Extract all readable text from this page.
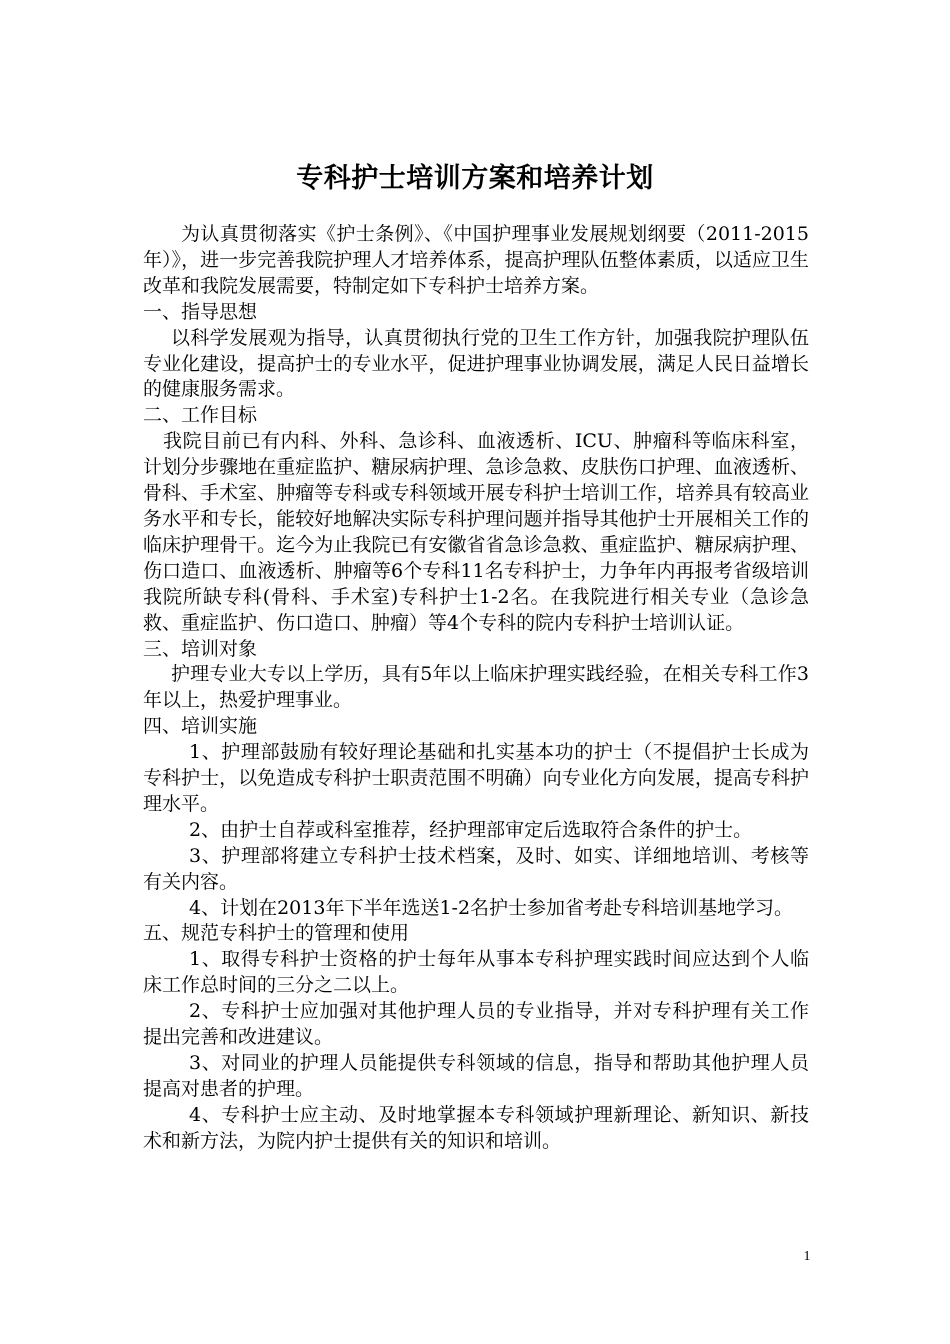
专科护士培训方案和培养计划

为认真贯彻落实《护士条例》、《中国护理事业发展规划纲要（2011-2015年）》，进一步完善我院护理人才培养体系，提高护理队伍整体素质，以适应卫生改革和我院发展需要，特制定如下专科护士培养方案。

一、指导思想

以科学发展观为指导，认真贯彻执行党的卫生工作方针，加强我院护理队伍专业化建设，提高护士的专业水平，促进护理事业协调发展，满足人民日益增长的健康服务需求。

二、工作目标

我院目前已有内科、外科、急诊科、血液透析、ICU、肿瘤科等临床科室，计划分步骤地在重症监护、糖尿病护理、急诊急救、皮肤伤口护理、血液透析、骨科、手术室、肿瘤等专科或专科领域开展专科护士培训工作，培养具有较高业务水平和专长，能较好地解决实际专科护理问题并指导其他护士开展相关工作的临床护理骨干。迄今为止我院已有安徽省省急诊急救、重症监护、糖尿病护理、伤口造口、血液透析、肿瘤等6个专科11名专科护士，力争年内再报考省级培训我院所缺专科(骨科、手术室)专科护士1-2名。在我院进行相关专业（急诊急救、重症监护、伤口造口、肿瘤）等4个专科的院内专科护士培训认证。

三、培训对象

护理专业大专以上学历，具有5年以上临床护理实践经验，在相关专科工作3年以上，热爱护理事业。

四、培训实施

1、护理部鼓励有较好理论基础和扎实基本功的护士（不提倡护士长成为专科护士，以免造成专科护士职责范围不明确）向专业化方向发展，提高专科护理水平。

2、由护士自荐或科室推荐，经护理部审定后选取符合条件的护士。

3、护理部将建立专科护士技术档案，及时、如实、详细地培训、考核等有关内容。

4、计划在2013年下半年选送1-2名护士参加省考赴专科培训基地学习。

五、规范专科护士的管理和使用

1、取得专科护士资格的护士每年从事本专科护理实践时间应达到个人临床工作总时间的三分之二以上。

2、专科护士应加强对其他护理人员的专业指导，并对专科护理有关工作提出完善和改进建议。

3、对同业的护理人员能提供专科领域的信息，指导和帮助其他护理人员提高对患者的护理。

4、专科护士应主动、及时地掌握本专科领域护理新理论、新知识、新技术和新方法，为院内护士提供有关的知识和培训。

1
